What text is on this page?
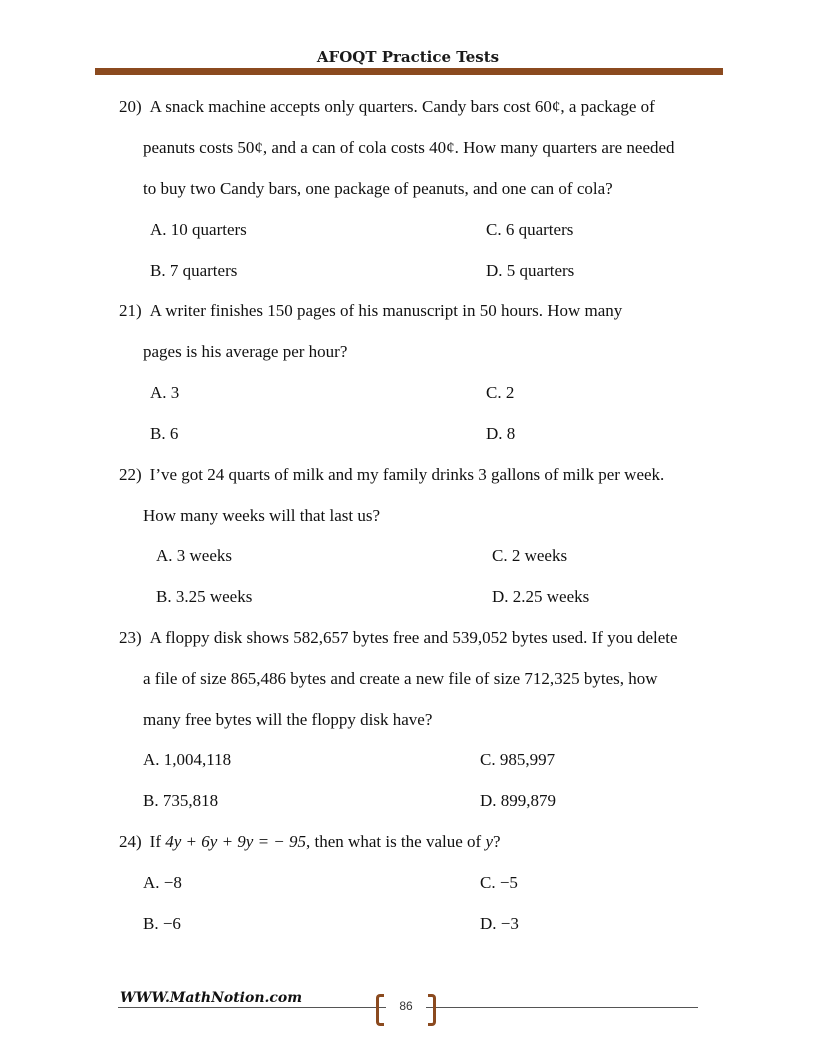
AFOQT Practice Tests
20) A snack machine accepts only quarters. Candy bars cost 60¢, a package of
peanuts costs 50¢, and a can of cola costs 40¢. How many quarters are needed
to buy two Candy bars, one package of peanuts, and one can of cola?
A. 10 quarters
B. 7 quarters
C. 6 quarters
D. 5 quarters
21) A writer finishes 150 pages of his manuscript in 50 hours. How many
pages is his average per hour?
A. 3
B. 6
C. 2
D. 8
22) I’ve got 24 quarts of milk and my family drinks 3 gallons of milk per week.
How many weeks will that last us?
A. 3 weeks
B. 3.25 weeks
C. 2 weeks
D. 2.25 weeks
23) A floppy disk shows 582,657 bytes free and 539,052 bytes used. If you delete
a file of size 865,486 bytes and create a new file of size 712,325 bytes, how
many free bytes will the floppy disk have?
A. 1,004,118
B. 735,818
C. 985,997
D. 899,879
24) If 4y + 6y + 9y = − 95, then what is the value of y?
A. −8
B. −6
C. −5
D. −3
WWW.MathNotion.com	86
